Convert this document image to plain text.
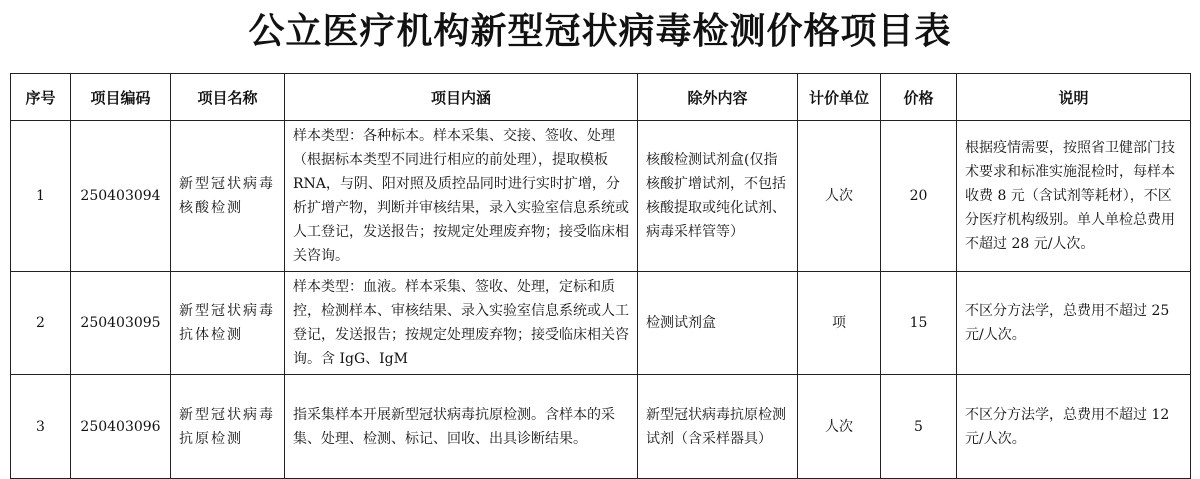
公立医疗机构新型冠状病毒检测价格项目表
序号	项目编码	项目名称	项目内涵	除外内容	计价单位	价格	说明
1	250403094	新型冠状病毒核酸检测	样本类型：各种标本。样本采集、交接、签收、处理（根据标本类型不同进行相应的前处理），提取模板 RNA，与阴、阳对照及质控品同时进行实时扩增，分析扩增产物，判断并审核结果，录入实验室信息系统或人工登记，发送报告；按规定处理废弃物；接受临床相关咨询。	核酸检测试剂盒(仅指核酸扩增试剂，不包括核酸提取或纯化试剂、病毒采样管等）	人次	20	根据疫情需要，按照省卫健部门技术要求和标准实施混检时，每样本收费 8 元（含试剂等耗材），不区分医疗机构级别。单人单检总费用不超过 28 元/人次。
2	250403095	新型冠状病毒抗体检测	样本类型：血液。样本采集、签收、处理，定标和质控，检测样本、审核结果、录入实验室信息系统或人工登记，发送报告；按规定处理废弃物；接受临床相关咨询。含 IgG、IgM	检测试剂盒	项	15	不区分方法学，总费用不超过 25 元/人次。
3	250403096	新型冠状病毒抗原检测	指采集样本开展新型冠状病毒抗原检测。含样本的采集、处理、检测、标记、回收、出具诊断结果。	新型冠状病毒抗原检测试剂（含采样器具）	人次	5	不区分方法学，总费用不超过 12 元/人次。
